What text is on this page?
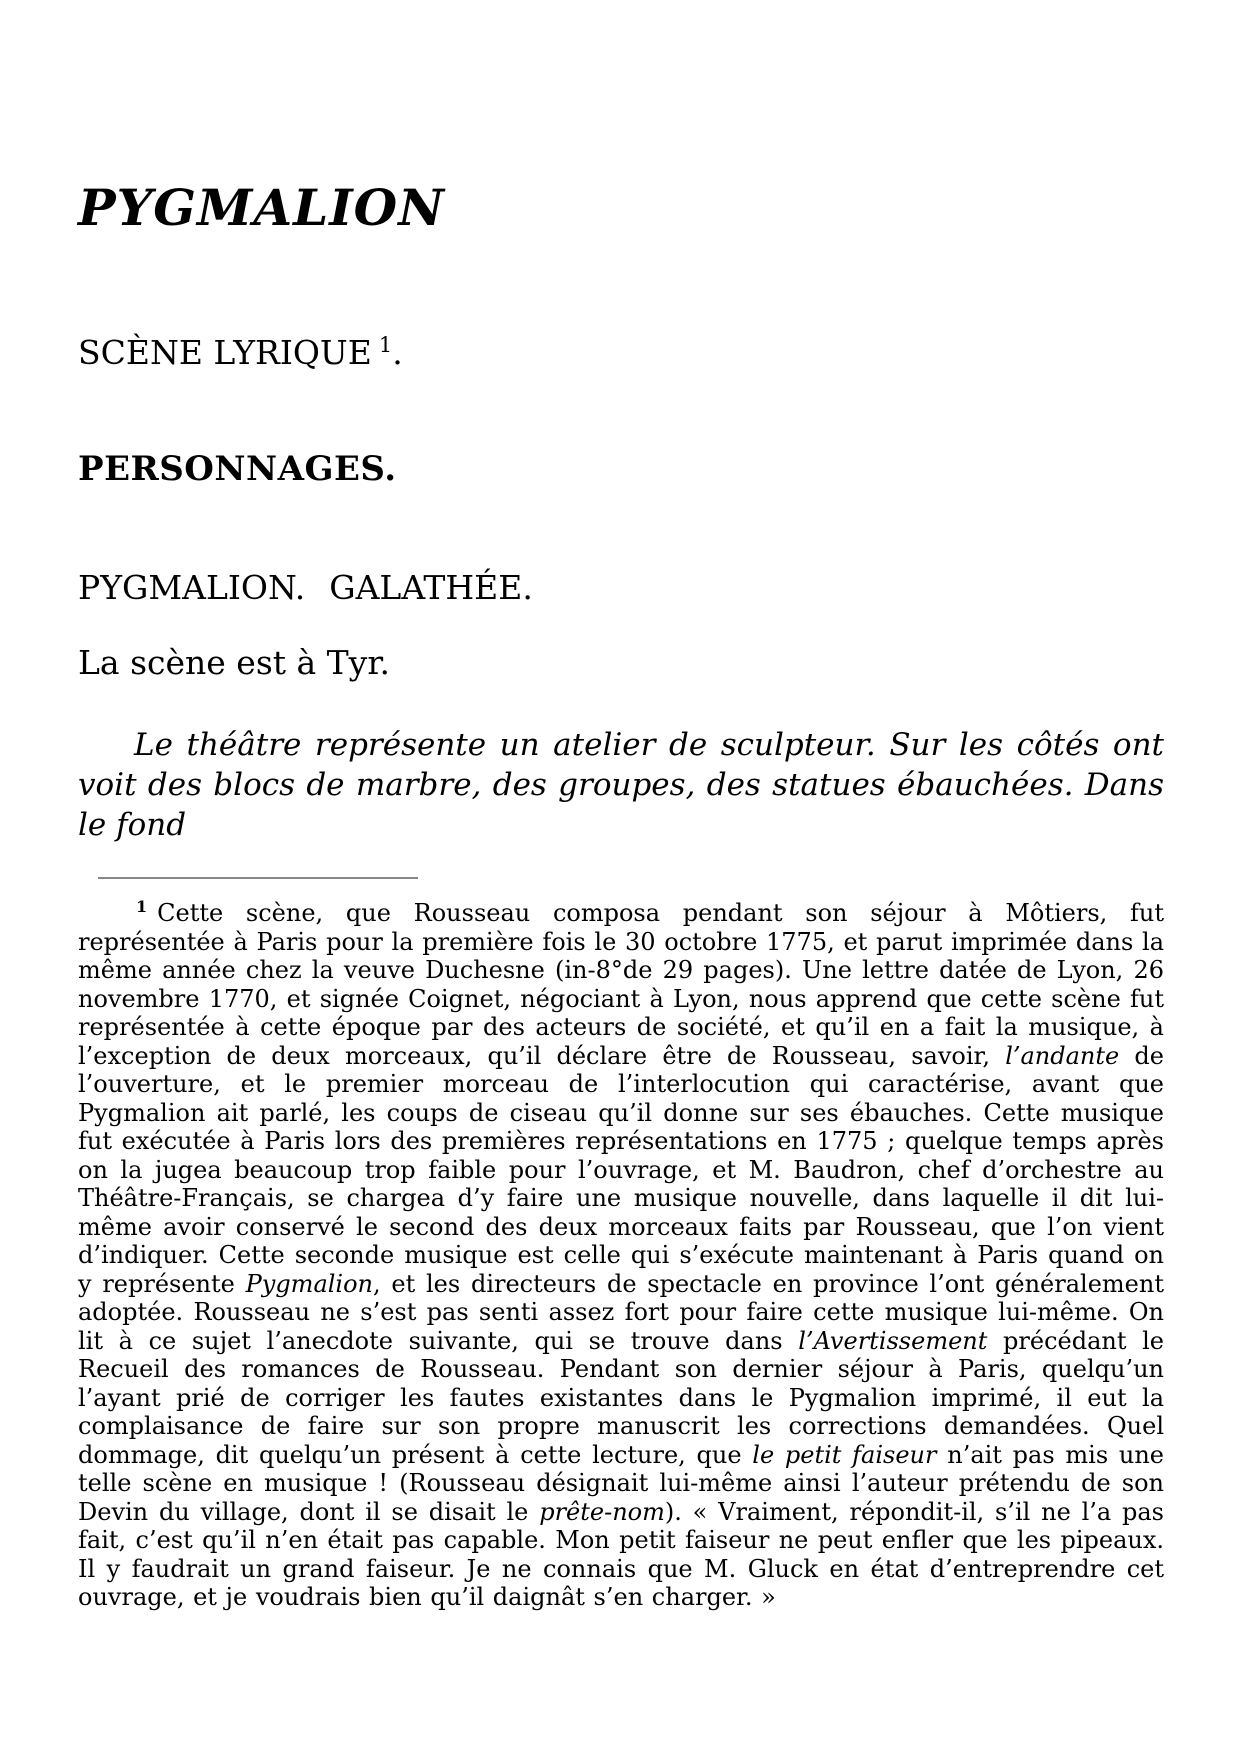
PYGMALION
SCÈNE LYRIQUE $^1$.
PERSONNAGES.
PYGMALION. GALATHÉE.
La scène est à Tyr.

Le théâtre représente un atelier de sculpteur. Sur les côtés ont voit des blocs de marbre, des groupes, des statues ébauchées. Dans le fond

$^1$ Cette scène, que Rousseau composa pendant son séjour à Môtiers, fut représentée à Paris pour la première fois le 30 octobre 1775, et parut imprimée dans la même année chez la veuve Duchesne (in-8°de 29 pages). Une lettre datée de Lyon, 26 novembre 1770, et signée Coignet, négociant à Lyon, nous apprend que cette scène fut représentée à cette époque par des acteurs de société, et qu’il en a fait la musique, à l’exception de deux morceaux, qu’il déclare être de Rousseau, savoir, l’andante de l’ouverture, et le premier morceau de l’interlocution qui caractérise, avant que Pygmalion ait parlé, les coups de ciseau qu’il donne sur ses ébauches. Cette musique fut exécutée à Paris lors des premières représentations en 1775 ; quelque temps après on la jugea beaucoup trop faible pour l’ouvrage, et M. Baudron, chef d’orchestre au Théâtre-Français, se chargea d’y faire une musique nouvelle, dans laquelle il dit lui-même avoir conservé le second des deux morceaux faits par Rousseau, que l’on vient d’indiquer. Cette seconde musique est celle qui s’exécute maintenant à Paris quand on y représente Pygmalion, et les directeurs de spectacle en province l’ont généralement adoptée. Rousseau ne s’est pas senti assez fort pour faire cette musique lui-même. On lit à ce sujet l’anecdote suivante, qui se trouve dans l’Avertissement précédant le Recueil des romances de Rousseau. Pendant son dernier séjour à Paris, quelqu’un l’ayant prié de corriger les fautes existantes dans le Pygmalion imprimé, il eut la complaisance de faire sur son propre manuscrit les corrections demandées. Quel dommage, dit quelqu’un présent à cette lecture, que le petit faiseur n’ait pas mis une telle scène en musique ! (Rousseau désignait lui-même ainsi l’auteur prétendu de son Devin du village, dont il se disait le prête-nom). « Vraiment, répondit-il, s’il ne l’a pas fait, c’est qu’il n’en était pas capable. Mon petit faiseur ne peut enfler que les pipeaux. Il y faudrait un grand faiseur. Je ne connais que M. Gluck en état d’entreprendre cet ouvrage, et je voudrais bien qu’il daignât s’en charger. »
